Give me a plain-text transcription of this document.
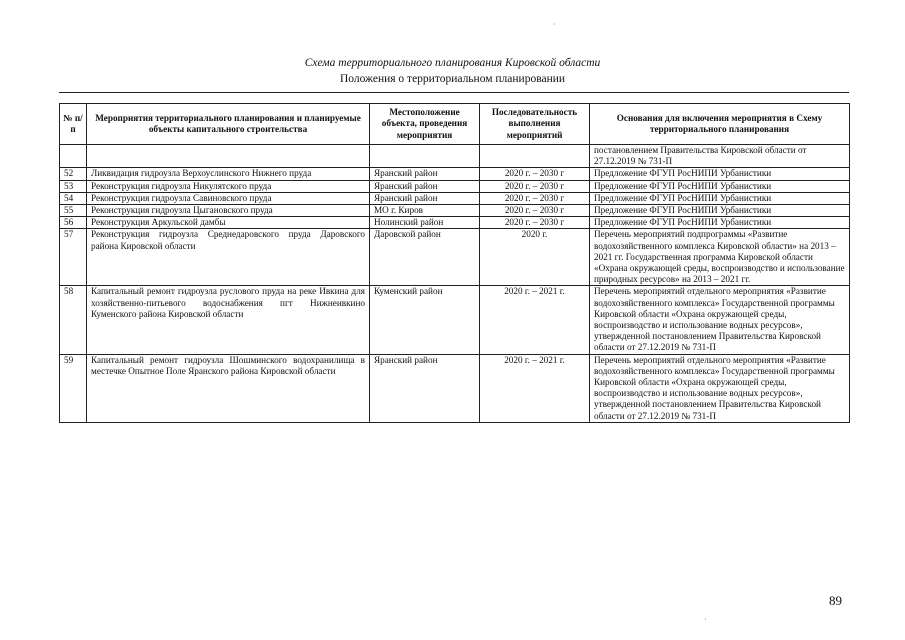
Схема территориального планирования Кировской области
Положения о территориальном планировании
·
·
№ п/п	Мероприятия территориального планирования и планируемые объекты капитального строительства	Местоположение объекта, проведения мероприятия	Последовательность выполнения мероприятий	Основания для включения мероприятия в Схему территориального планирования
				постановлением Правительства Кировской области от 27.12.2019 № 731-П
52	Ликвидация гидроузла Верхоуслинского Нижнего пруда	Яранский район	2020 г. – 2030 г	Предложение ФГУП РосНИПИ Урбанистики
53	Реконструкция гидроузла Никулятского пруда	Яранский район	2020 г. – 2030 г	Предложение ФГУП РосНИПИ Урбанистики
54	Реконструкция гидроузла Савиновского пруда	Яранский район	2020 г. – 2030 г	Предложение ФГУП РосНИПИ Урбанистики
55	Реконструкция гидроузла Цыгановского пруда	МО г. Киров	2020 г. – 2030 г	Предложение ФГУП РосНИПИ Урбанистики
56	Реконструкция Аркульской дамбы	Нолинский район	2020 г. – 2030 г	Предложение ФГУП РосНИПИ Урбанистики
57	Реконструкция гидроузла Среднедаровского пруда Даровского района Кировской области	Даровской район	2020 г.	Перечень мероприятий подпрограммы «Развитие водохозяйственного комплекса Кировской области» на 2013 – 2021 гг. Государственная программа Кировской области «Охрана окружающей среды, воспроизводство и использование природных ресурсов» на 2013 – 2021 гг.
58	Капитальный ремонт гидроузла руслового пруда на реке Ивкина для хозяйственно-питьевого водоснабжения пгт Нижнеивкино Куменского района Кировской области	Куменский район	2020 г. – 2021 г.	Перечень мероприятий отдельного мероприятия «Развитие водохозяйственного комплекса» Государственной программы Кировской области «Охрана окружающей среды, воспроизводство и использование водных ресурсов», утвержденной постановлением Правительства Кировской области от 27.12.2019 № 731-П
59	Капитальный ремонт гидроузла Шошминского водохранилища в местечке Опытное Поле Яранского района Кировской области	Яранский район	2020 г. – 2021 г.	Перечень мероприятий отдельного мероприятия «Развитие водохозяйственного комплекса» Государственной программы Кировской области «Охрана окружающей среды, воспроизводство и использование водных ресурсов», утвержденной постановлением Правительства Кировской области от 27.12.2019 № 731-П
89
